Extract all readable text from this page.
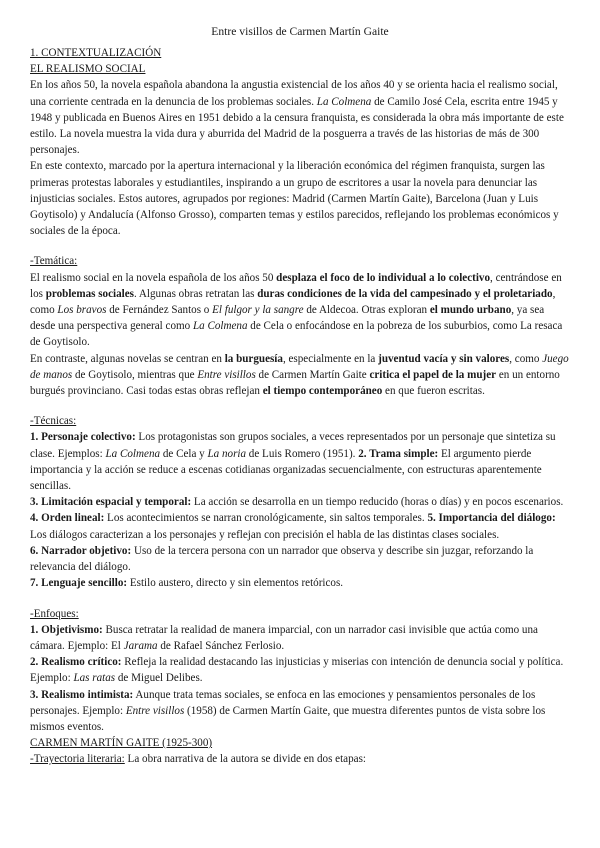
Entre visillos de Carmen Martín Gaite

1. CONTEXTUALIZACIÓN

EL REALISMO SOCIAL

En los años 50, la novela española abandona la angustia existencial de los años 40 y se orienta hacia el realismo social, una corriente centrada en la denuncia de los problemas sociales. La Colmena de Camilo José Cela, escrita entre 1945 y 1948 y publicada en Buenos Aires en 1951 debido a la censura franquista, es considerada la obra más importante de este estilo. La novela muestra la vida dura y aburrida del Madrid de la posguerra a través de las historias de más de 300 personajes.

En este contexto, marcado por la apertura internacional y la liberación económica del régimen franquista, surgen las primeras protestas laborales y estudiantiles, inspirando a un grupo de escritores a usar la novela para denunciar las injusticias sociales. Estos autores, agrupados por regiones: Madrid (Carmen Martín Gaite), Barcelona (Juan y Luis Goytisolo) y Andalucía (Alfonso Grosso), comparten temas y estilos parecidos, reflejando los problemas económicos y sociales de la época.

-Temática:

El realismo social en la novela española de los años 50 desplaza el foco de lo individual a lo colectivo, centrándose en los problemas sociales. Algunas obras retratan las duras condiciones de la vida del campesinado y el proletariado, como Los bravos de Fernández Santos o El fulgor y la sangre de Aldecoa. Otras exploran el mundo urbano, ya sea desde una perspectiva general como La Colmena de Cela o enfocándose en la pobreza de los suburbios, como La resaca de Goytisolo.

En contraste, algunas novelas se centran en la burguesía, especialmente en la juventud vacía y sin valores, como Juego de manos de Goytisolo, mientras que Entre visillos de Carmen Martín Gaite critica el papel de la mujer en un entorno burgués provinciano. Casi todas estas obras reflejan el tiempo contemporáneo en que fueron escritas.

-Técnicas:

1. Personaje colectivo: Los protagonistas son grupos sociales, a veces representados por un personaje que sintetiza su clase. Ejemplos: La Colmena de Cela y La noria de Luis Romero (1951). 2. Trama simple: El argumento pierde importancia y la acción se reduce a escenas cotidianas organizadas secuencialmente, con estructuras aparentemente sencillas.

3. Limitación espacial y temporal: La acción se desarrolla en un tiempo reducido (horas o días) y en pocos escenarios.

4. Orden lineal: Los acontecimientos se narran cronológicamente, sin saltos temporales. 5. Importancia del diálogo: Los diálogos caracterizan a los personajes y reflejan con precisión el habla de las distintas clases sociales.

6. Narrador objetivo: Uso de la tercera persona con un narrador que observa y describe sin juzgar, reforzando la relevancia del diálogo.

7. Lenguaje sencillo: Estilo austero, directo y sin elementos retóricos.

-Enfoques:

1. Objetivismo: Busca retratar la realidad de manera imparcial, con un narrador casi invisible que actúa como una cámara. Ejemplo: El Jarama de Rafael Sánchez Ferlosio.

2. Realismo crítico: Refleja la realidad destacando las injusticias y miserias con intención de denuncia social y política. Ejemplo: Las ratas de Miguel Delibes.

3. Realismo intimista: Aunque trata temas sociales, se enfoca en las emociones y pensamientos personales de los personajes. Ejemplo: Entre visillos (1958) de Carmen Martín Gaite, que muestra diferentes puntos de vista sobre los mismos eventos.

CARMEN MARTÍN GAITE (1925-300)

-Trayectoria literaria: La obra narrativa de la autora se divide en dos etapas:
